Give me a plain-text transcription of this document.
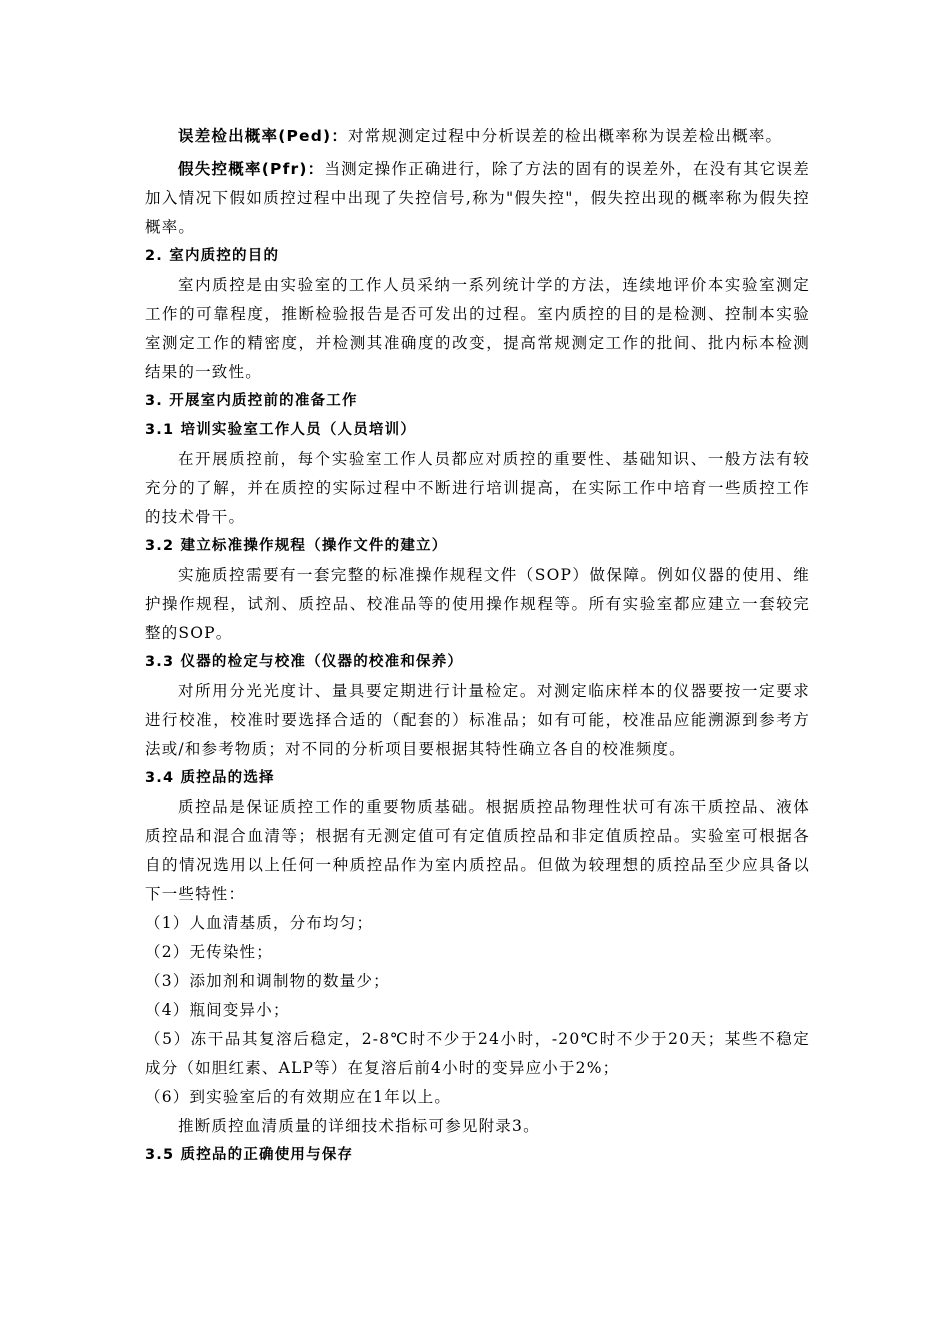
误差检出概率(Ped)：对常规测定过程中分析误差的检出概率称为误差检出概率。

假失控概率(Pfr)：当测定操作正确进行，除了方法的固有的误差外，在没有其它误差加入情况下假如质控过程中出现了失控信号,称为"假失控"，假失控出现的概率称为假失控概率。

2. 室内质控的目的

室内质控是由实验室的工作人员采纳一系列统计学的方法，连续地评价本实验室测定工作的可靠程度，推断检验报告是否可发出的过程。室内质控的目的是检测、控制本实验室测定工作的精密度，并检测其准确度的改变，提高常规测定工作的批间、批内标本检测结果的一致性。

3. 开展室内质控前的准备工作
3.1 培训实验室工作人员（人员培训）

在开展质控前，每个实验室工作人员都应对质控的重要性、基础知识、一般方法有较充分的了解，并在质控的实际过程中不断进行培训提高，在实际工作中培育一些质控工作的技术骨干。

3.2 建立标准操作规程（操作文件的建立）

实施质控需要有一套完整的标准操作规程文件（SOP）做保障。例如仪器的使用、维护操作规程，试剂、质控品、校准品等的使用操作规程等。所有实验室都应建立一套较完整的SOP。

3.3 仪器的检定与校准（仪器的校准和保养）

对所用分光光度计、量具要定期进行计量检定。对测定临床样本的仪器要按一定要求进行校准，校准时要选择合适的（配套的）标准品；如有可能，校准品应能溯源到参考方法或/和参考物质；对不同的分析项目要根据其特性确立各自的校准频度。

3.4 质控品的选择

质控品是保证质控工作的重要物质基础。根据质控品物理性状可有冻干质控品、液体质控品和混合血清等；根据有无测定值可有定值质控品和非定值质控品。实验室可根据各自的情况选用以上任何一种质控品作为室内质控品。但做为较理想的质控品至少应具备以下一些特性：

（1）人血清基质，分布均匀；

（2）无传染性；

（3）添加剂和调制物的数量少；

（4）瓶间变异小；

（5）冻干品其复溶后稳定，2-8℃时不少于24小时，-20℃时不少于20天；某些不稳定成分（如胆红素、ALP等）在复溶后前4小时的变异应小于2%；

（6）到实验室后的有效期应在1年以上。

推断质控血清质量的详细技术指标可参见附录3。

3.5 质控品的正确使用与保存
